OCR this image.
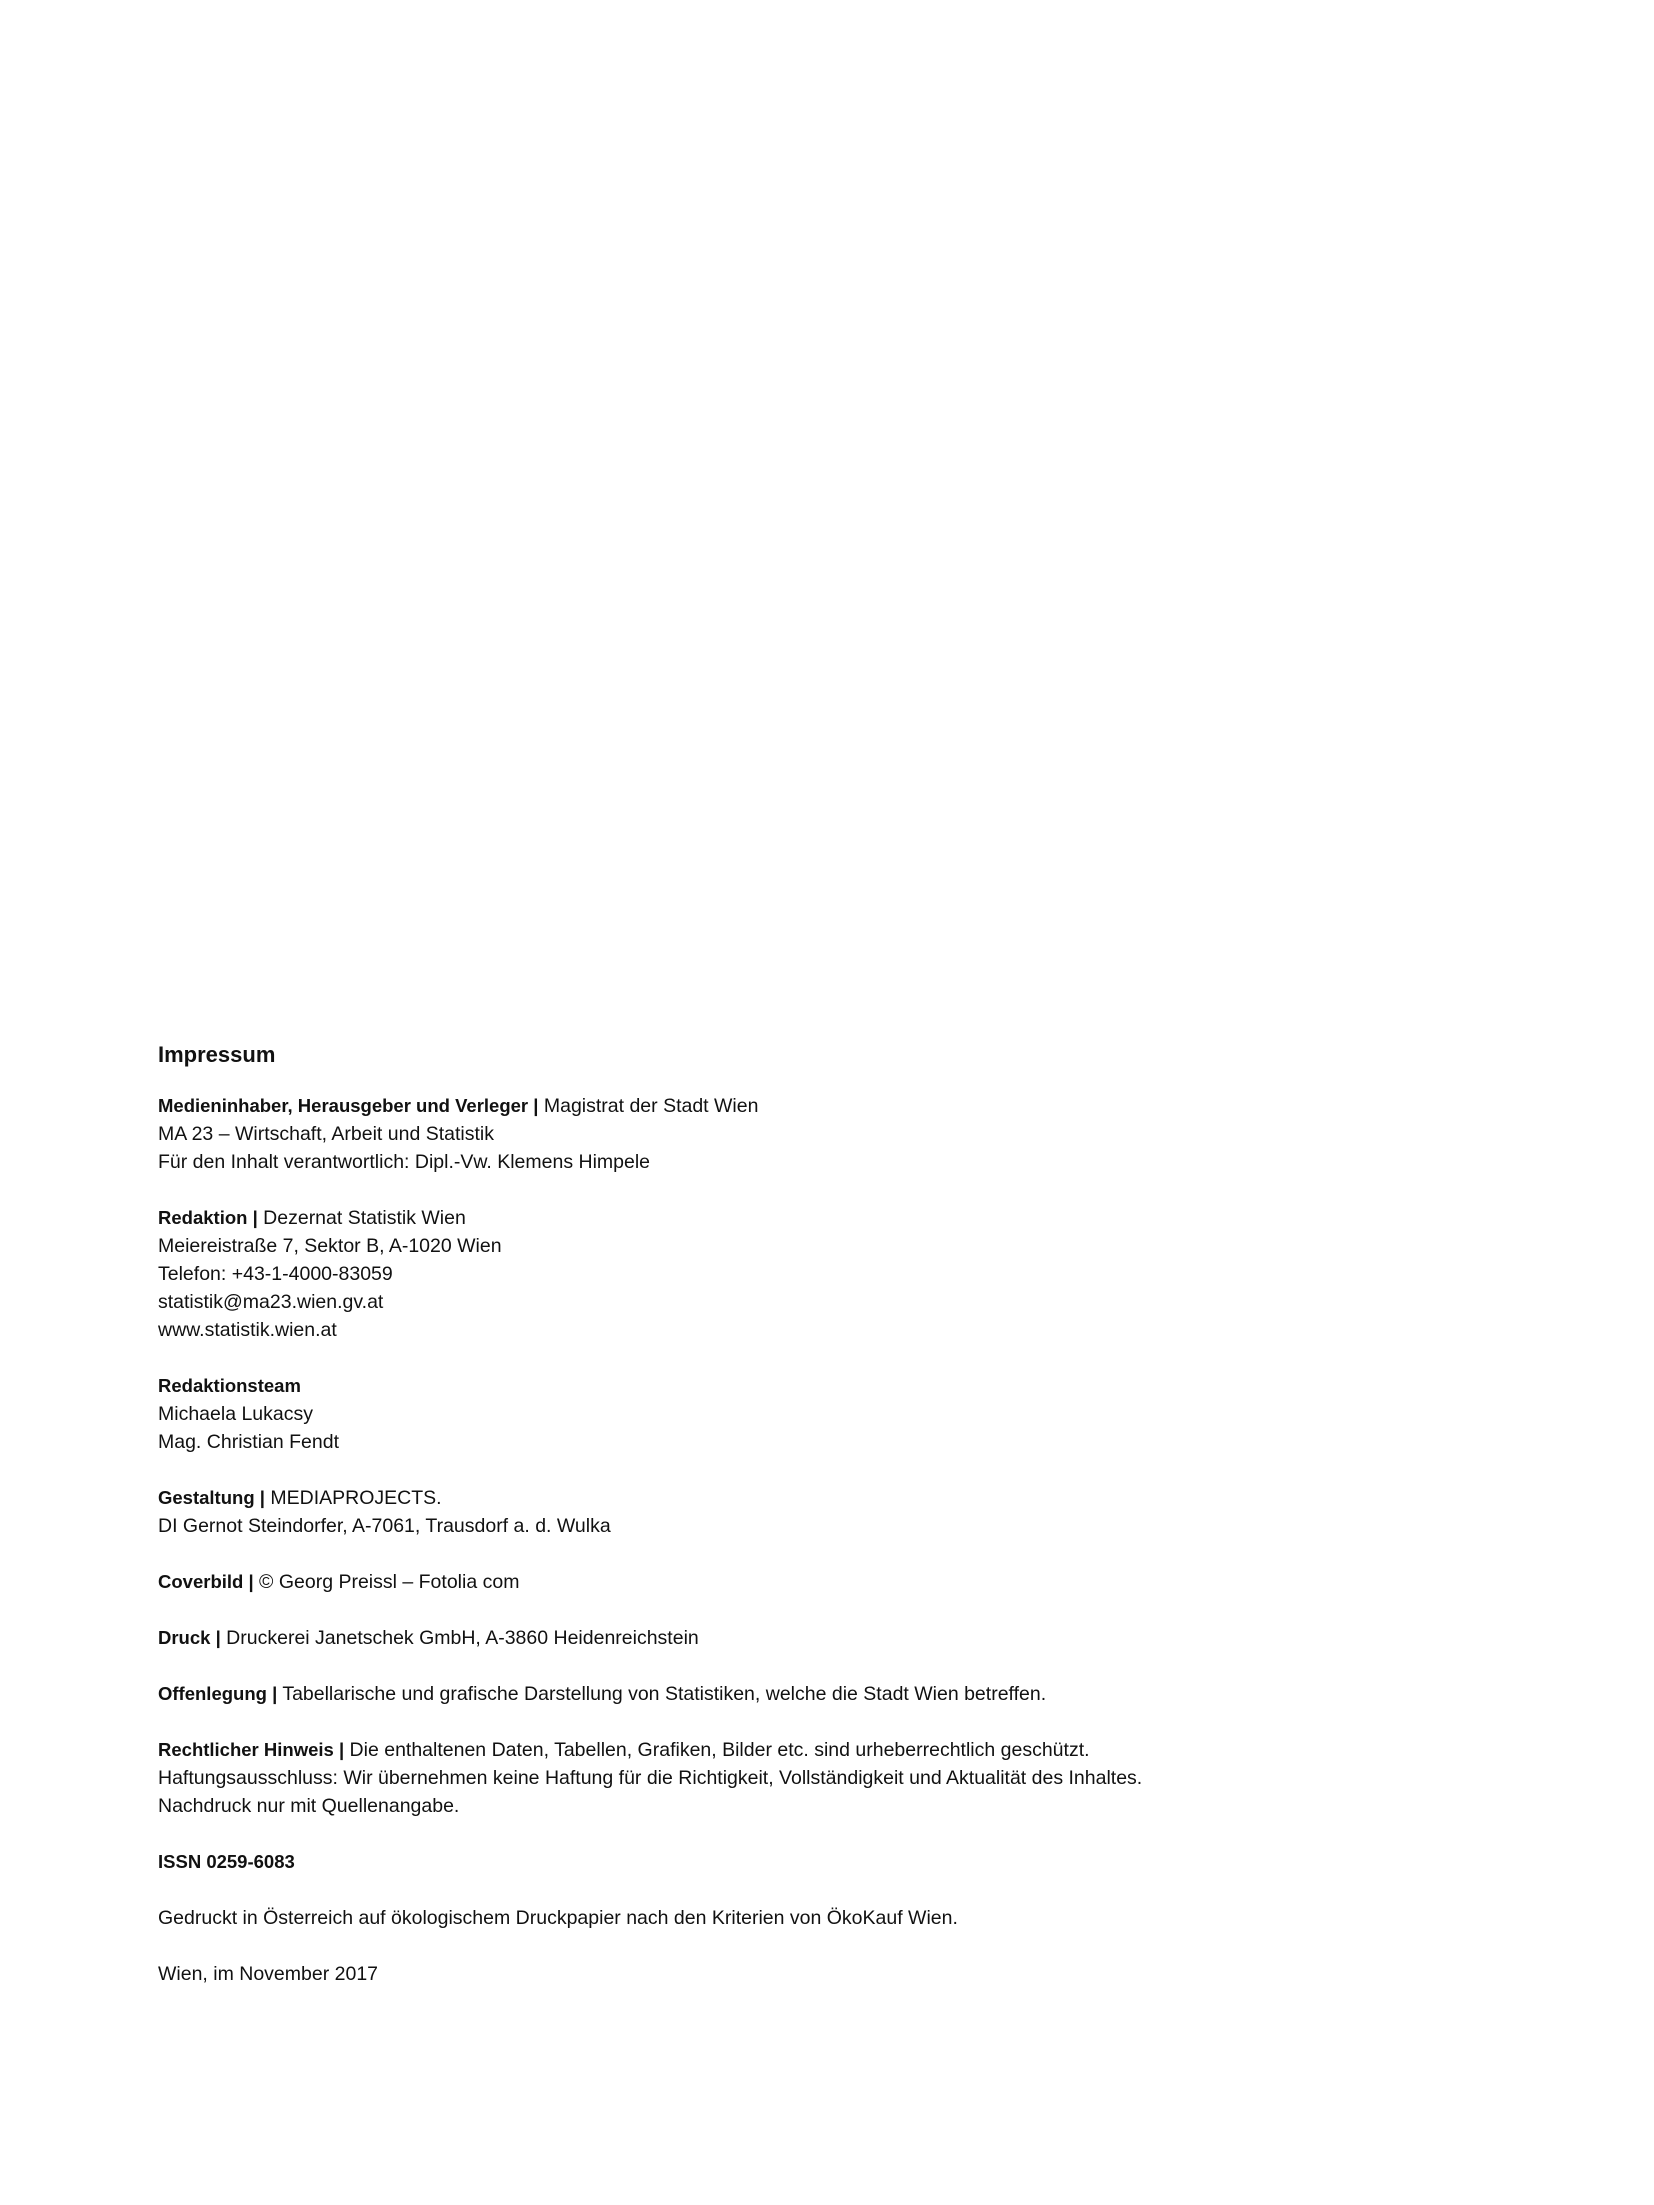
Impressum
Medieninhaber, Herausgeber und Verleger | Magistrat der Stadt Wien
MA 23 – Wirtschaft, Arbeit und Statistik
Für den Inhalt verantwortlich: Dipl.-Vw. Klemens Himpele
Redaktion | Dezernat Statistik Wien
Meiereistraße 7, Sektor B, A-1020 Wien
Telefon: +43-1-4000-83059
statistik@ma23.wien.gv.at
www.statistik.wien.at
Redaktionsteam
Michaela Lukacsy
Mag. Christian Fendt
Gestaltung | MEDIAPROJECTS.
DI Gernot Steindorfer, A-7061, Trausdorf a. d. Wulka
Coverbild | © Georg Preissl – Fotolia com
Druck | Druckerei Janetschek GmbH, A-3860 Heidenreichstein
Offenlegung | Tabellarische und grafische Darstellung von Statistiken, welche die Stadt Wien betreffen.
Rechtlicher Hinweis | Die enthaltenen Daten, Tabellen, Grafiken, Bilder etc. sind urheberrechtlich geschützt.
Haftungsausschluss: Wir übernehmen keine Haftung für die Richtigkeit, Vollständigkeit und Aktualität des Inhaltes.
Nachdruck nur mit Quellenangabe.
ISSN 0259-6083
Gedruckt in Österreich auf ökologischem Druckpapier nach den Kriterien von ÖkoKauf Wien.
Wien, im November 2017
